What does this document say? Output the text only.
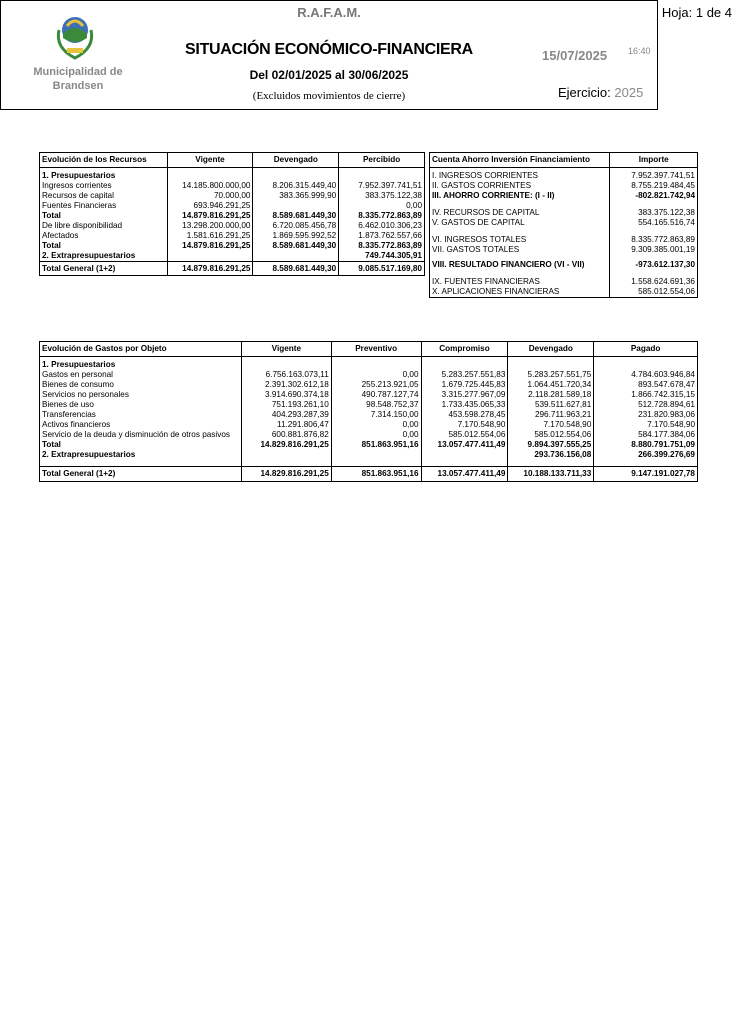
Municipalidad de Brandsen
R.A.F.A.M.	Hoja: 1 de 4
SITUACIÓN ECONÓMICO-FINANCIERA	15/07/2025 16:40
Del 02/01/2025 al 30/06/2025
(Excluidos movimientos de cierre)	Ejercicio: 2025
Evolución de los Recursos	Vigente	Devengado	Percibido
1. Presupuestarios			
Ingresos corrientes	14.185.800.000,00	8.206.315.449,40	7.952.397.741,51
Recursos de capital	70.000,00	383.365.999,90	383.375.122,38
Fuentes Financieras	693.946.291,25		0,00
Total	14.879.816.291,25	8.589.681.449,30	8.335.772.863,89
De libre disponibilidad	13.298.200.000,00	6.720.085.456,78	6.462.010.306,23
Afectados	1.581.616.291,25	1.869.595.992,52	1.873.762.557,66
Total	14.879.816.291,25	8.589.681.449,30	8.335.772.863,89
2. Extrapresupuestarios			749.744.305,91
Total General (1+2)	14.879.816.291,25	8.589.681.449,30	9.085.517.169,80
Cuenta Ahorro Inversión Financiamiento	Importe
I. INGRESOS CORRIENTES	7.952.397.741,51
II. GASTOS CORRIENTES	8.755.219.484,45
III. AHORRO CORRIENTE: (I - II)	-802.821.742,94

IV. RECURSOS DE CAPITAL	383.375.122,38
V. GASTOS DE CAPITAL	554.165.516,74

VI. INGRESOS TOTALES	8.335.772.863,89
VII. GASTOS TOTALES	9.309.385.001,19

VIII. RESULTADO FINANCIERO (VI - VII)	-973.612.137,30

IX. FUENTES FINANCIERAS	1.558.624.691,36
X. APLICACIONES FINANCIERAS	585.012.554,06
Evolución de Gastos por Objeto	Vigente	Preventivo	Compromiso	Devengado	Pagado
1. Presupuestarios					
Gastos en personal	6.756.163.073,11	0,00	5.283.257.551,83	5.283.257.551,75	4.784.603.946,84
Bienes de consumo	2.391.302.612,18	255.213.921,05	1.679.725.445,83	1.064.451.720,34	893.547.678,47
Servicios no personales	3.914.690.374,18	490.787.127,74	3.315.277.967,09	2.118.281.589,18	1.866.742.315,15
Bienes de uso	751.193.261,10	98.548.752,37	1.733.435.065,33	539.511.627,81	512.728.894,61
Transferencias	404.293.287,39	7.314.150,00	453.598.278,45	296.711.963,21	231.820.983,06
Activos financieros	11.291.806,47	0,00	7.170.548,90	7.170.548,90	7.170.548,90
Servicio de la deuda y disminución de otros pasivos	600.881.876,82	0,00	585.012.554,06	585.012.554,06	584.177.384,06
Total	14.829.816.291,25	851.863.951,16	13.057.477.411,49	9.894.397.555,25	8.880.791.751,09
2. Extrapresupuestarios				293.736.156,08	266.399.276,69

Total General (1+2)	14.829.816.291,25	851.863.951,16	13.057.477.411,49	10.188.133.711,33	9.147.191.027,78
